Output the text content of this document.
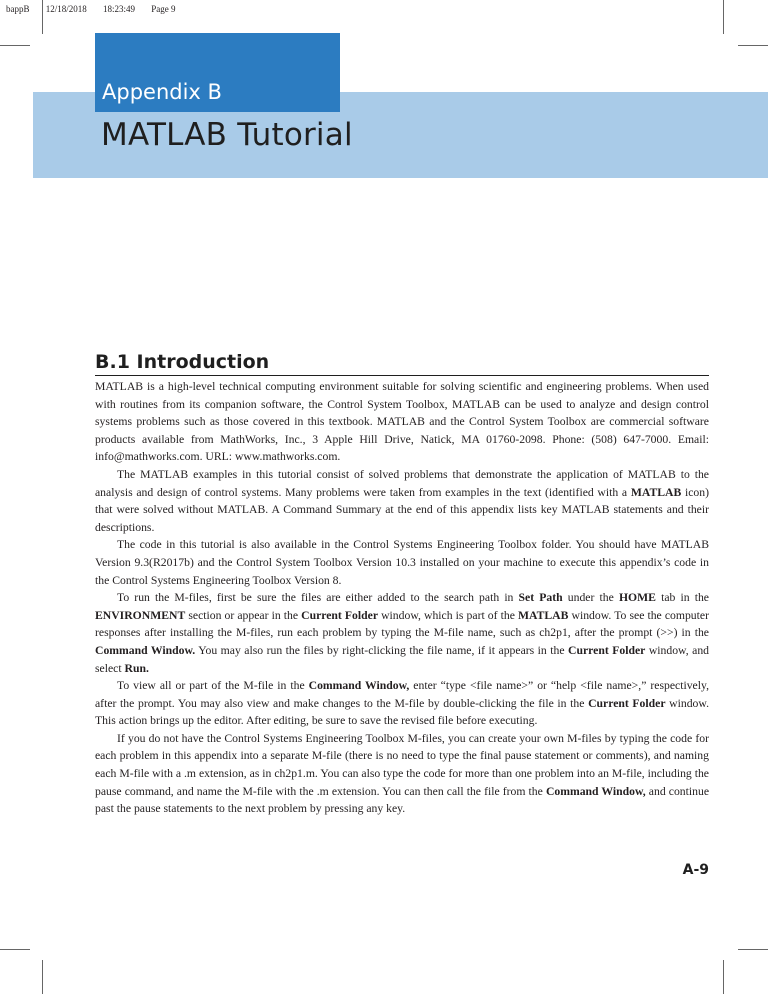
bappB 12/18/2018 18:23:49 Page 9
Appendix B
MATLAB Tutorial
B.1 Introduction

MATLAB is a high-level technical computing environment suitable for solving scientific and engineering problems. When used with routines from its companion software, the Control System Toolbox, MATLAB can be used to analyze and design control systems problems such as those covered in this textbook. MATLAB and the Control System Toolbox are commercial software products available from MathWorks, Inc., 3 Apple Hill Drive, Natick, MA 01760-2098. Phone: (508) 647-7000. Email: info@mathworks.com. URL: www.mathworks.com.

The MATLAB examples in this tutorial consist of solved problems that demonstrate the application of MATLAB to the analysis and design of control systems. Many problems were taken from examples in the text (identified with a MATLAB icon) that were solved without MATLAB. A Command Summary at the end of this appendix lists key MATLAB statements and their descriptions.

The code in this tutorial is also available in the Control Systems Engineering Toolbox folder. You should have MATLAB Version 9.3(R2017b) and the Control System Toolbox Version 10.3 installed on your machine to execute this appendix’s code in the Control Systems Engineering Toolbox Version 8.

To run the M-files, first be sure the files are either added to the search path in Set Path under the HOME tab in the ENVIRONMENT section or appear in the Current Folder window, which is part of the MATLAB window. To see the computer responses after installing the M-files, run each problem by typing the M-file name, such as ch2p1, after the prompt (>>) in the Command Window. You may also run the files by right-clicking the file name, if it appears in the Current Folder window, and select Run.

To view all or part of the M-file in the Command Window, enter “type <file name>” or “help <file name>,” respectively, after the prompt. You may also view and make changes to the M-file by double-clicking the file in the Current Folder window. This action brings up the editor. After editing, be sure to save the revised file before executing.

If you do not have the Control Systems Engineering Toolbox M-files, you can create your own M-files by typing the code for each problem in this appendix into a separate M-file (there is no need to type the final pause statement or comments), and naming each M-file with a .m extension, as in ch2p1.m. You can also type the code for more than one problem into an M-file, including the pause command, and name the M-file with the .m extension. You can then call the file from the Command Window, and continue past the pause statements to the next problem by pressing any key.

A-9
